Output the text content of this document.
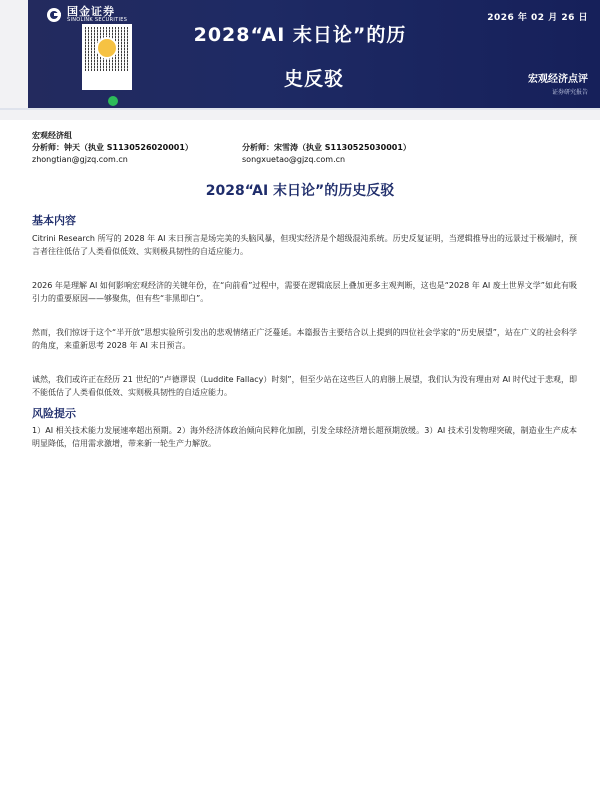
2026 年 02 月 26 日
2028“AI 末日论”的历
史反驳	宏观经济点评
证券研究报告
国金证券
SINOLINK SECURITIES
宏观经济组
分析师：钟天（执业 S1130526020001）
zhongtian@gjzq.com.cn
分析师：宋雪涛（执业 S1130525030001）
songxuetao@gjzq.com.cn
2028“AI 末日论”的历史反驳
基本内容
Citrini Research 所写的 2028 年 AI 末日预言是场完美的头脑风暴，但现实经济是个超级混沌系统。历史反复证明，当逻辑推导出的远景过于极端时，预言者往往低估了人类看似低效、实则极具韧性的自适应能力。
2026 年是理解 AI 如何影响宏观经济的关键年份，在“向前看”过程中，需要在逻辑底层上叠加更多主观判断，这也是“2028 年 AI 废土世界文学”如此有吸引力的重要原因——够聚焦，但有些“非黑即白”。
然而，我们惊讶于这个“半开放”思想实验所引发出的悲观情绪正广泛蔓延。本篇报告主要结合以上提到的四位社会学家的“历史展望”，站在广义的社会科学的角度，来重新思考 2028 年 AI 末日预言。
诚然，我们或许正在经历 21 世纪的“卢德谬误（Luddite Fallacy）时刻”，但至少站在这些巨人的肩膀上展望，我们认为没有理由对 AI 时代过于悲观，即不能低估了人类看似低效、实则极具韧性的自适应能力。
风险提示
1）AI 相关技术能力发展速率超出预期。2）海外经济体政治倾向民粹化加剧，引发全球经济增长超预期放缓。3）AI 技术引发物理突破，制造业生产成本明显降低，信用需求激增，带来新一轮生产力解放。
